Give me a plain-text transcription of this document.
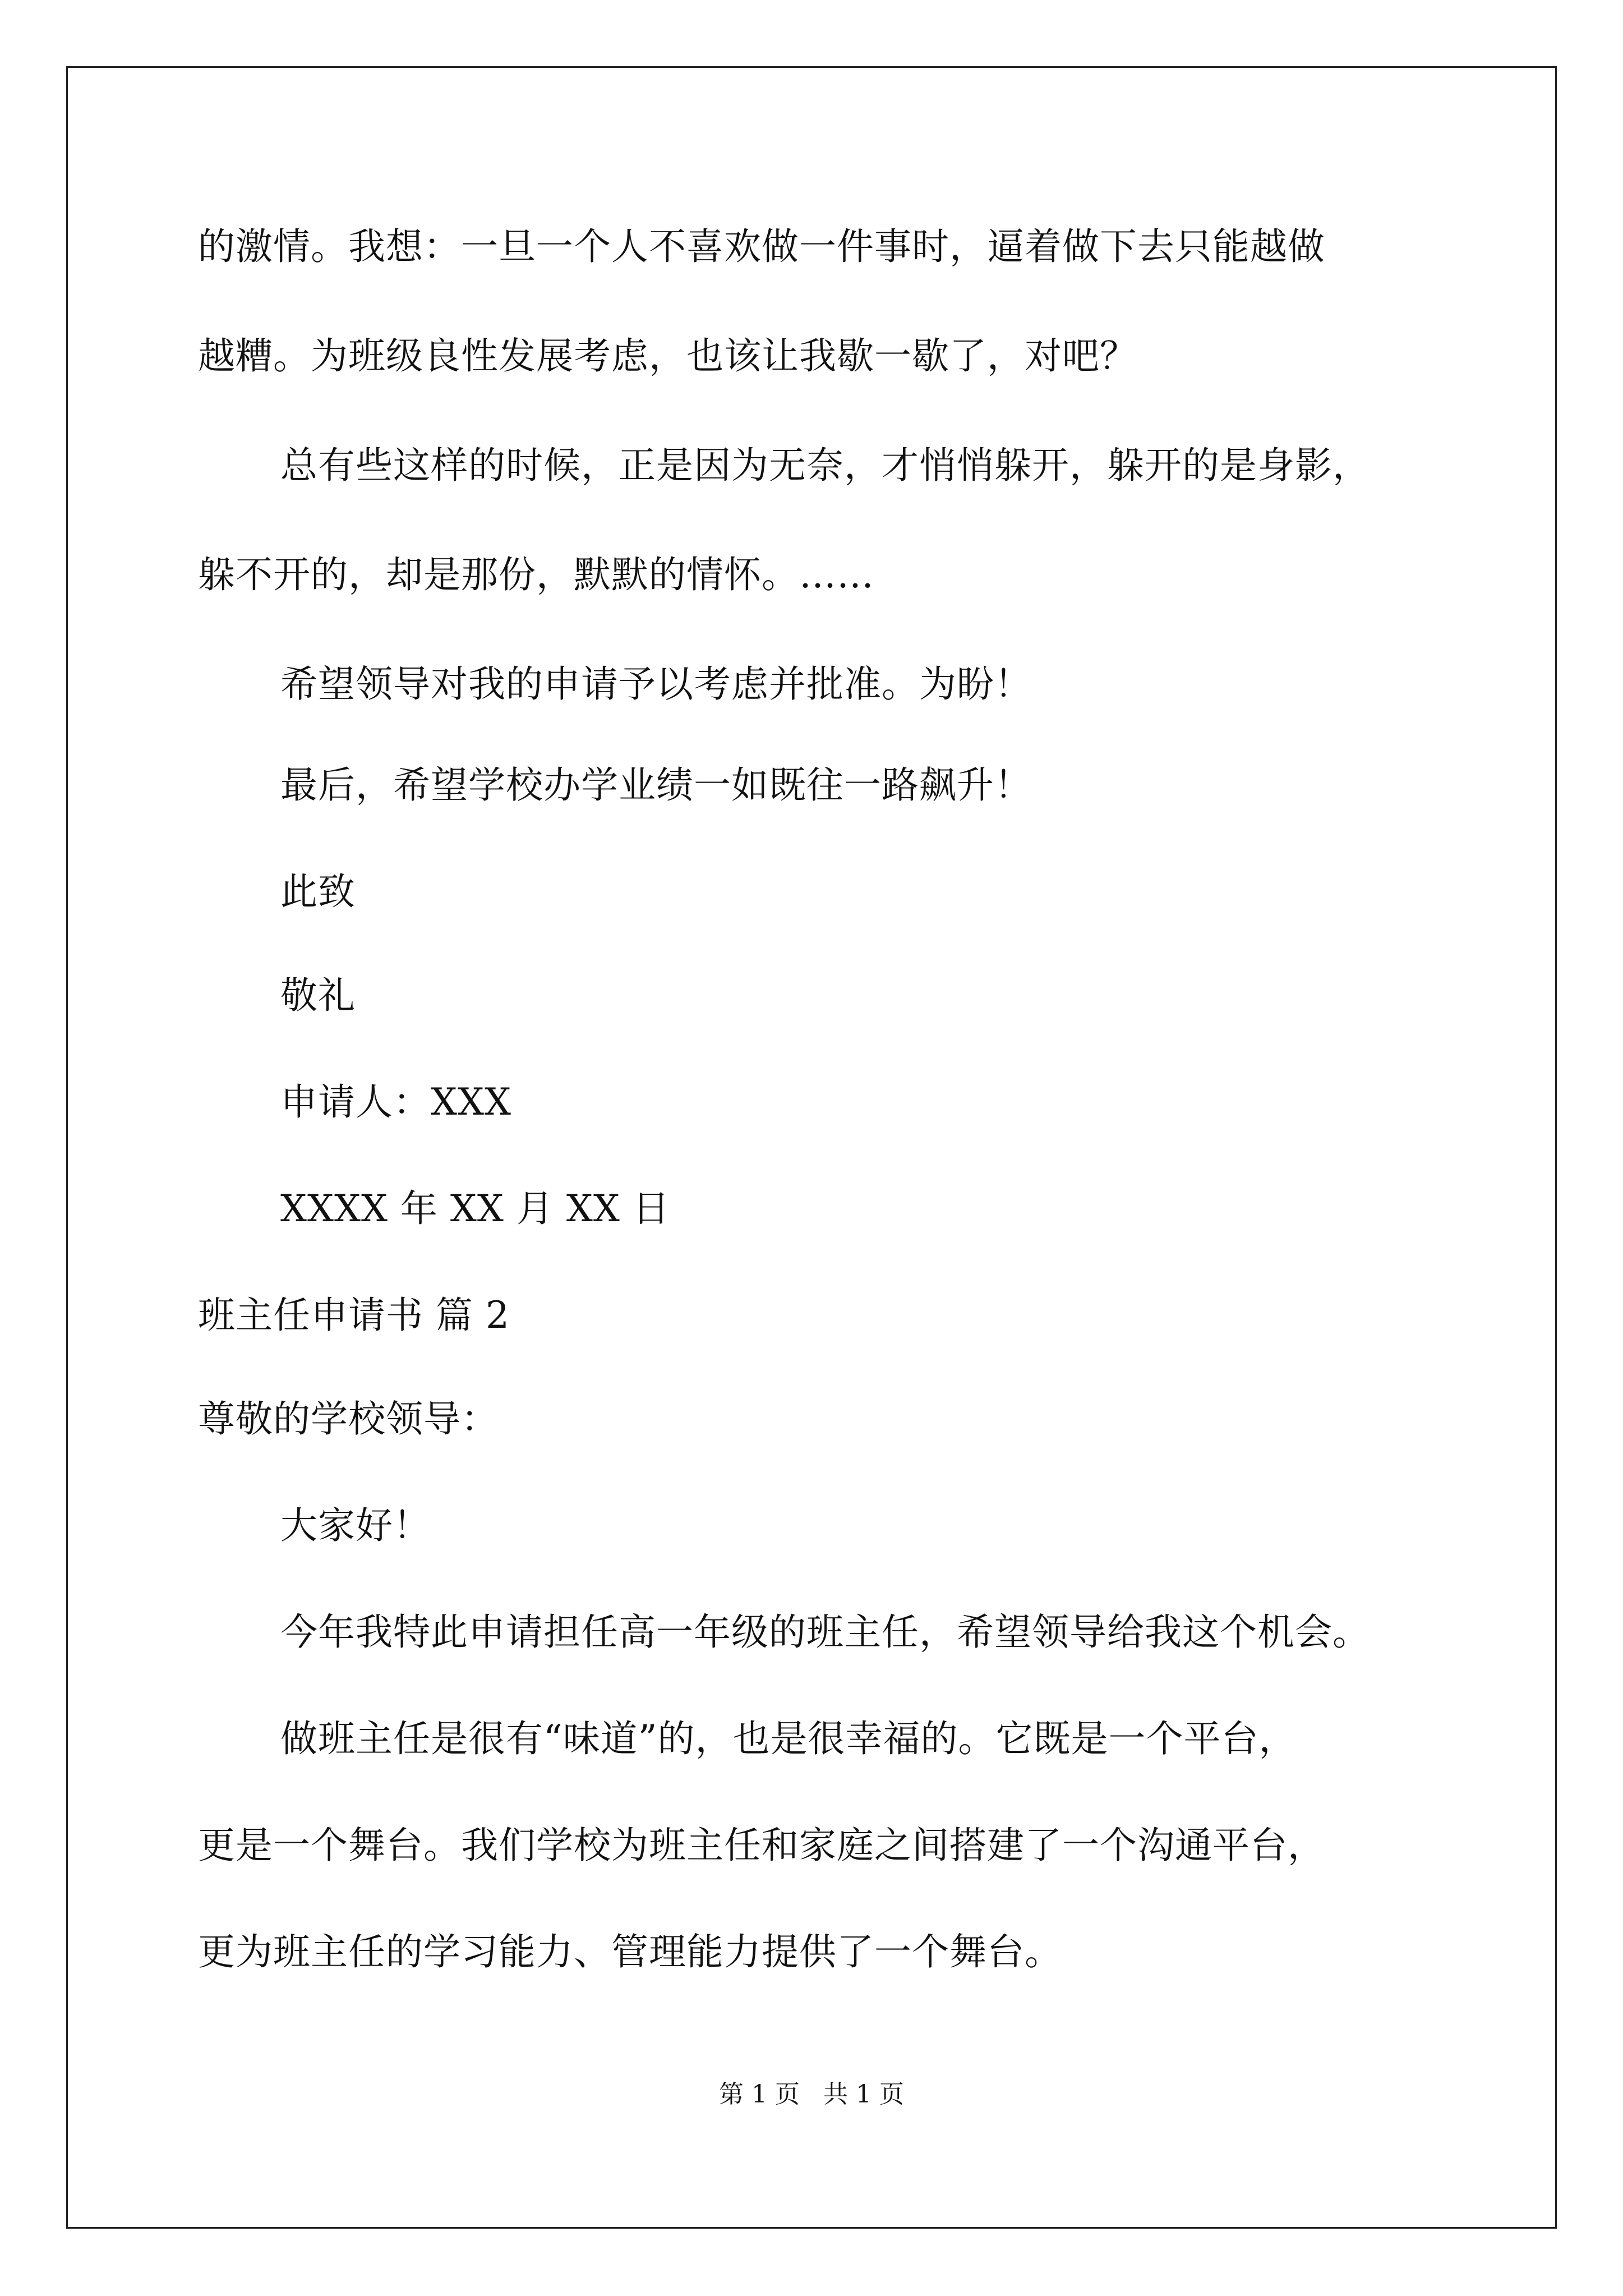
的激情。我想：一旦一个人不喜欢做一件事时，逼着做下去只能越做
越糟。为班级良性发展考虑，也该让我歇一歇了，对吧？
总有些这样的时候，正是因为无奈，才悄悄躲开，躲开的是身影，
躲不开的，却是那份，默默的情怀。……
希望领导对我的申请予以考虑并批准。为盼！
最后，希望学校办学业绩一如既往一路飙升！
此致
敬礼
申请人：XXX
XXXX 年 XX 月 XX 日
班主任申请书 篇 2
尊敬的学校领导：
大家好！
今年我特此申请担任高一年级的班主任，希望领导给我这个机会。
做班主任是很有“味道”的，也是很幸福的。它既是一个平台，
更是一个舞台。我们学校为班主任和家庭之间搭建了一个沟通平台，
更为班主任的学习能力、管理能力提供了一个舞台。
第 1 页   共 1 页
